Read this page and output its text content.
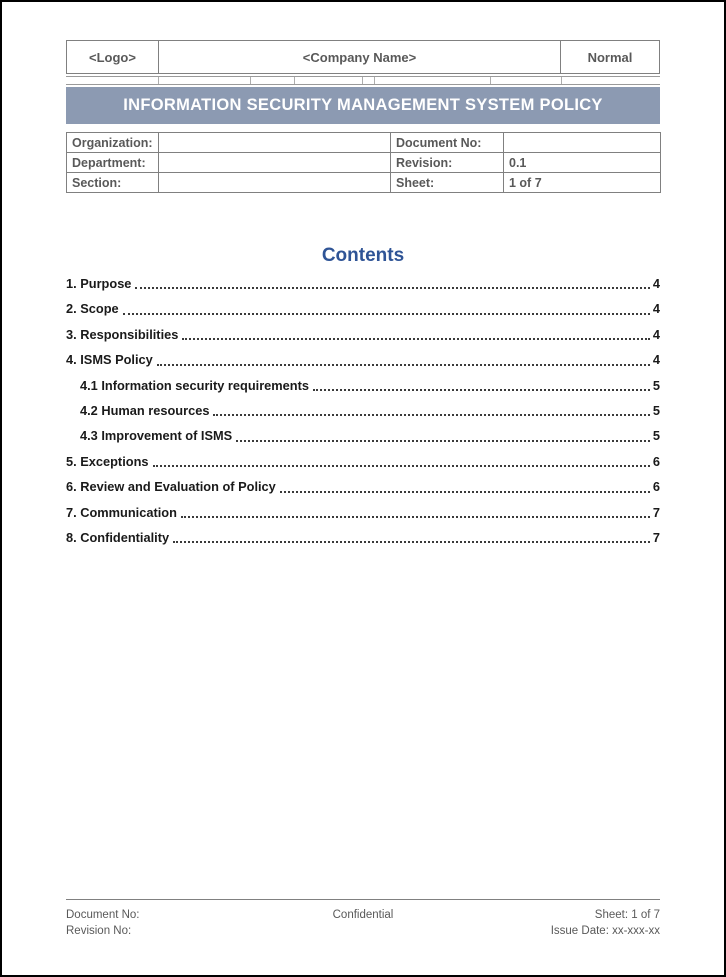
<Logo>	<Company Name>	Normal
INFORMATION SECURITY MANAGEMENT SYSTEM POLICY
Organization:		Document No:	
Department:		Revision:	0.1
Section:		Sheet:	1 of 7
Contents
1. Purpose	4
2. Scope	4
3. Responsibilities	4
4. ISMS Policy	4
4.1 Information security requirements	5
4.2 Human resources	5
4.3 Improvement of ISMS	5
5. Exceptions	6
6. Review and Evaluation of Policy	6
7. Communication	7
8. Confidentiality	7
Document No:
Revision No:
Confidential	Sheet: 1 of 7
Issue Date: xx-xxx-xx
